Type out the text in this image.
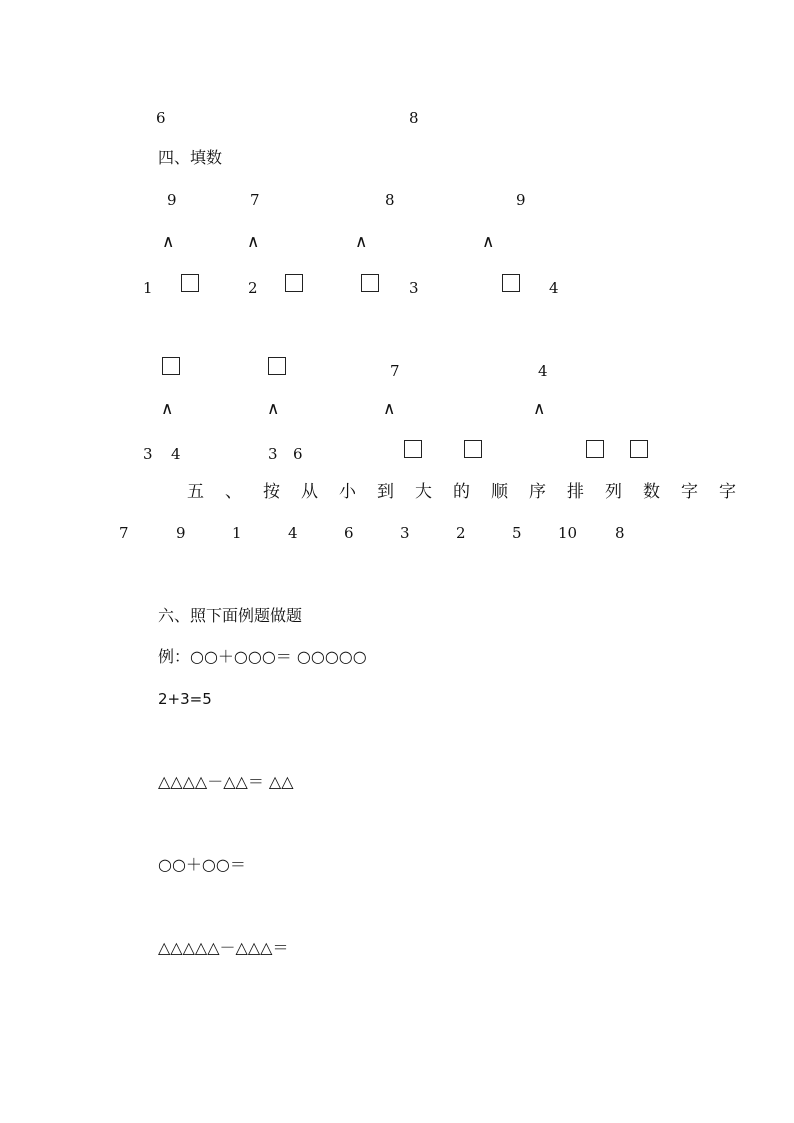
6	8
四、填数
9	7	8	9
∧	∧	∧	∧
1	2	3	4
7	4
∧	∧	∧	∧
3 4	3 6
五、按从小到大的顺序排列数字字
7	9	1	4	6	3	2	5 10	8
六、照下面例题做题
例：○○＋○○○＝ ○○○○○
2+3=5
△△△△－△△＝ △△
○○＋○○＝
△△△△△－△△△＝
